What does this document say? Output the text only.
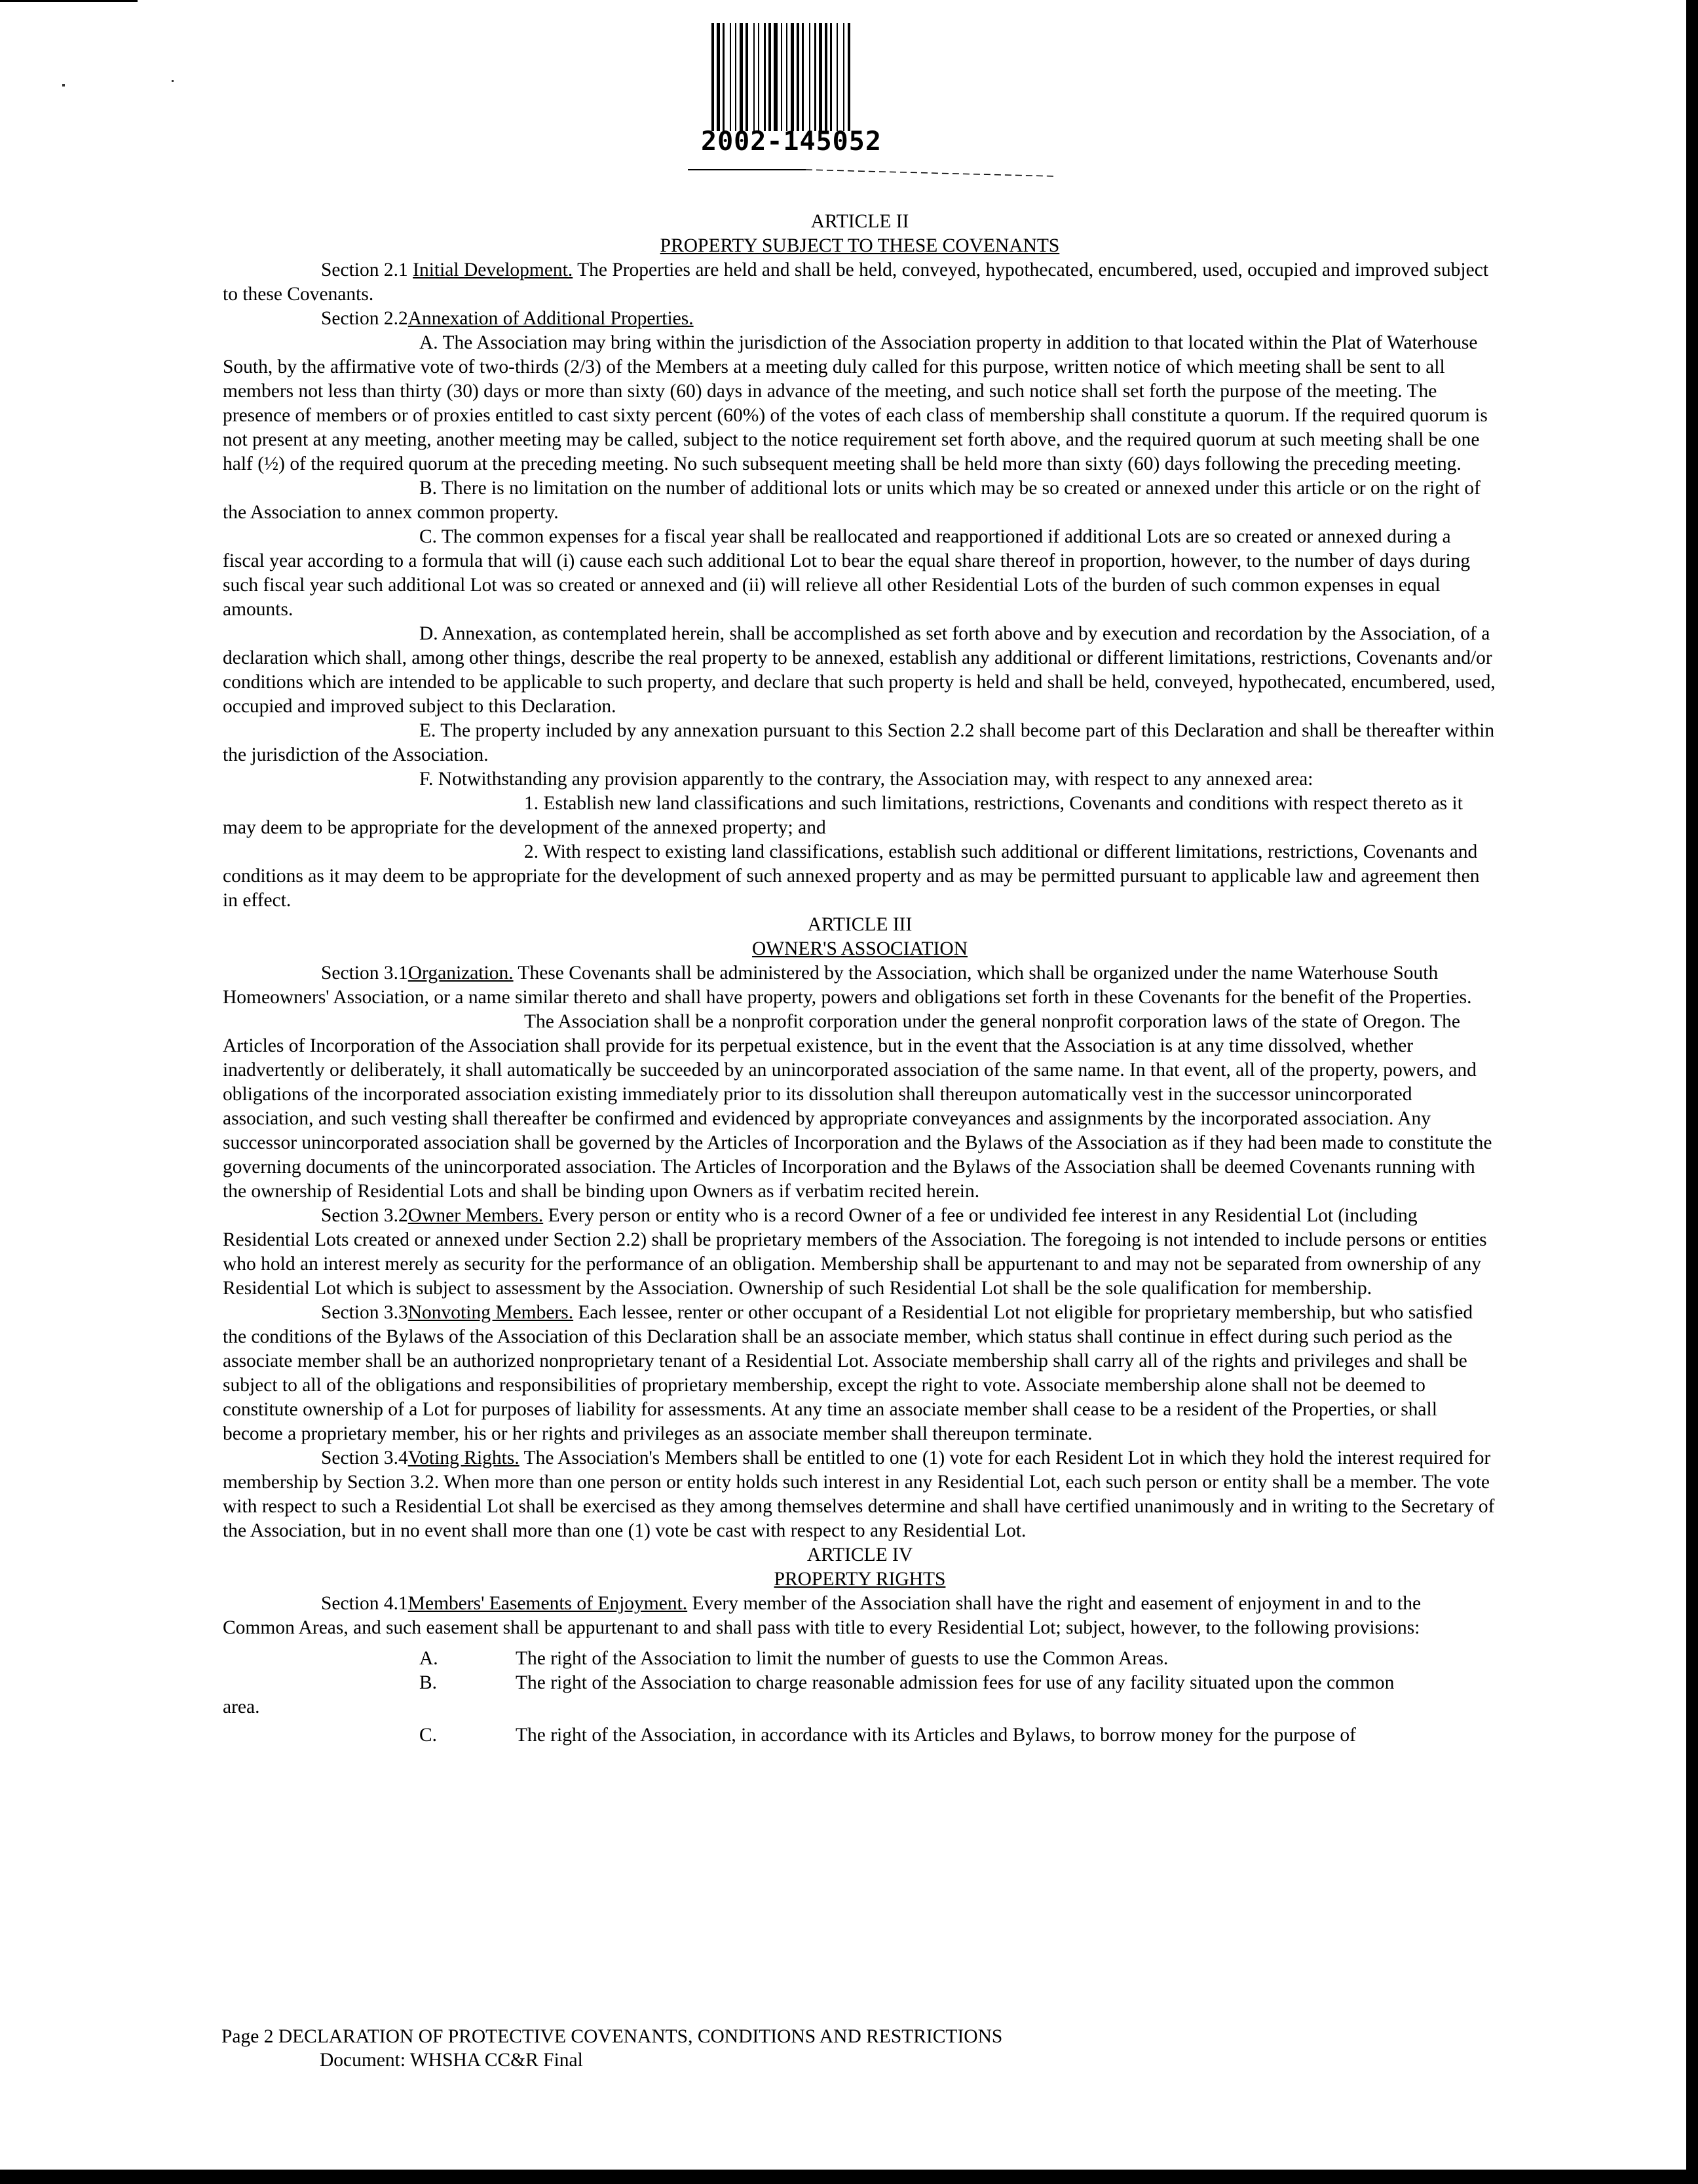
2002-145052

ARTICLE II

PROPERTY SUBJECT TO THESE COVENANTS

Section 2.1 Initial Development. The Properties are held and shall be held, conveyed, hypothecated, encumbered, used, occupied and improved subject to these Covenants.

Section 2.2Annexation of Additional Properties.

A. The Association may bring within the jurisdiction of the Association property in addition to that located within the Plat of Waterhouse South, by the affirmative vote of two-thirds (2/3) of the Members at a meeting duly called for this purpose, written notice of which meeting shall be sent to all members not less than thirty (30) days or more than sixty (60) days in advance of the meeting, and such notice shall set forth the purpose of the meeting. The presence of members or of proxies entitled to cast sixty percent (60%) of the votes of each class of membership shall constitute a quorum. If the required quorum is not present at any meeting, another meeting may be called, subject to the notice requirement set forth above, and the required quorum at such meeting shall be one half (½) of the required quorum at the preceding meeting. No such subsequent meeting shall be held more than sixty (60) days following the preceding meeting.

B. There is no limitation on the number of additional lots or units which may be so created or annexed under this article or on the right of the Association to annex common property.

C. The common expenses for a fiscal year shall be reallocated and reapportioned if additional Lots are so created or annexed during a fiscal year according to a formula that will (i) cause each such additional Lot to bear the equal share thereof in proportion, however, to the number of days during such fiscal year such additional Lot was so created or annexed and (ii) will relieve all other Residential Lots of the burden of such common expenses in equal amounts.

D. Annexation, as contemplated herein, shall be accomplished as set forth above and by execution and recordation by the Association, of a declaration which shall, among other things, describe the real property to be annexed, establish any additional or different limitations, restrictions, Covenants and/or conditions which are intended to be applicable to such property, and declare that such property is held and shall be held, conveyed, hypothecated, encumbered, used, occupied and improved subject to this Declaration.

E. The property included by any annexation pursuant to this Section 2.2 shall become part of this Declaration and shall be thereafter within the jurisdiction of the Association.

F. Notwithstanding any provision apparently to the contrary, the Association may, with respect to any annexed area:

1. Establish new land classifications and such limitations, restrictions, Covenants and conditions with respect thereto as it may deem to be appropriate for the development of the annexed property; and

2. With respect to existing land classifications, establish such additional or different limitations, restrictions, Covenants and conditions as it may deem to be appropriate for the development of such annexed property and as may be permitted pursuant to applicable law and agreement then in effect.

ARTICLE III

OWNER'S ASSOCIATION

Section 3.1Organization. These Covenants shall be administered by the Association, which shall be organized under the name Waterhouse South Homeowners' Association, or a name similar thereto and shall have property, powers and obligations set forth in these Covenants for the benefit of the Properties.

The Association shall be a nonprofit corporation under the general nonprofit corporation laws of the state of Oregon. The Articles of Incorporation of the Association shall provide for its perpetual existence, but in the event that the Association is at any time dissolved, whether inadvertently or deliberately, it shall automatically be succeeded by an unincorporated association of the same name. In that event, all of the property, powers, and obligations of the incorporated association existing immediately prior to its dissolution shall thereupon automatically vest in the successor unincorporated association, and such vesting shall thereafter be confirmed and evidenced by appropriate conveyances and assignments by the incorporated association. Any successor unincorporated association shall be governed by the Articles of Incorporation and the Bylaws of the Association as if they had been made to constitute the governing documents of the unincorporated association. The Articles of Incorporation and the Bylaws of the Association shall be deemed Covenants running with the ownership of Residential Lots and shall be binding upon Owners as if verbatim recited herein.

Section 3.2Owner Members. Every person or entity who is a record Owner of a fee or undivided fee interest in any Residential Lot (including Residential Lots created or annexed under Section 2.2) shall be proprietary members of the Association. The foregoing is not intended to include persons or entities who hold an interest merely as security for the performance of an obligation. Membership shall be appurtenant to and may not be separated from ownership of any Residential Lot which is subject to assessment by the Association. Ownership of such Residential Lot shall be the sole qualification for membership.

Section 3.3Nonvoting Members. Each lessee, renter or other occupant of a Residential Lot not eligible for proprietary membership, but who satisfied the conditions of the Bylaws of the Association of this Declaration shall be an associate member, which status shall continue in effect during such period as the associate member shall be an authorized nonproprietary tenant of a Residential Lot. Associate membership shall carry all of the rights and privileges and shall be subject to all of the obligations and responsibilities of proprietary membership, except the right to vote. Associate membership alone shall not be deemed to constitute ownership of a Lot for purposes of liability for assessments. At any time an associate member shall cease to be a resident of the Properties, or shall become a proprietary member, his or her rights and privileges as an associate member shall thereupon terminate.

Section 3.4Voting Rights. The Association's Members shall be entitled to one (1) vote for each Resident Lot in which they hold the interest required for membership by Section 3.2. When more than one person or entity holds such interest in any Residential Lot, each such person or entity shall be a member. The vote with respect to such a Residential Lot shall be exercised as they among themselves determine and shall have certified unanimously and in writing to the Secretary of the Association, but in no event shall more than one (1) vote be cast with respect to any Residential Lot.

ARTICLE IV

PROPERTY RIGHTS

Section 4.1Members' Easements of Enjoyment. Every member of the Association shall have the right and easement of enjoyment in and to the Common Areas, and such easement shall be appurtenant to and shall pass with title to every Residential Lot; subject, however, to the following provisions:

A.	The right of the Association to limit the number of guests to use the Common Areas.
B.	The right of the Association to charge reasonable admission fees for use of any facility situated upon the common
area.
C.	The right of the Association, in accordance with its Articles and Bylaws, to borrow money for the purpose of
Page 2 DECLARATION OF PROTECTIVE COVENANTS, CONDITIONS AND RESTRICTIONS
Document: WHSHA CC&R Final
